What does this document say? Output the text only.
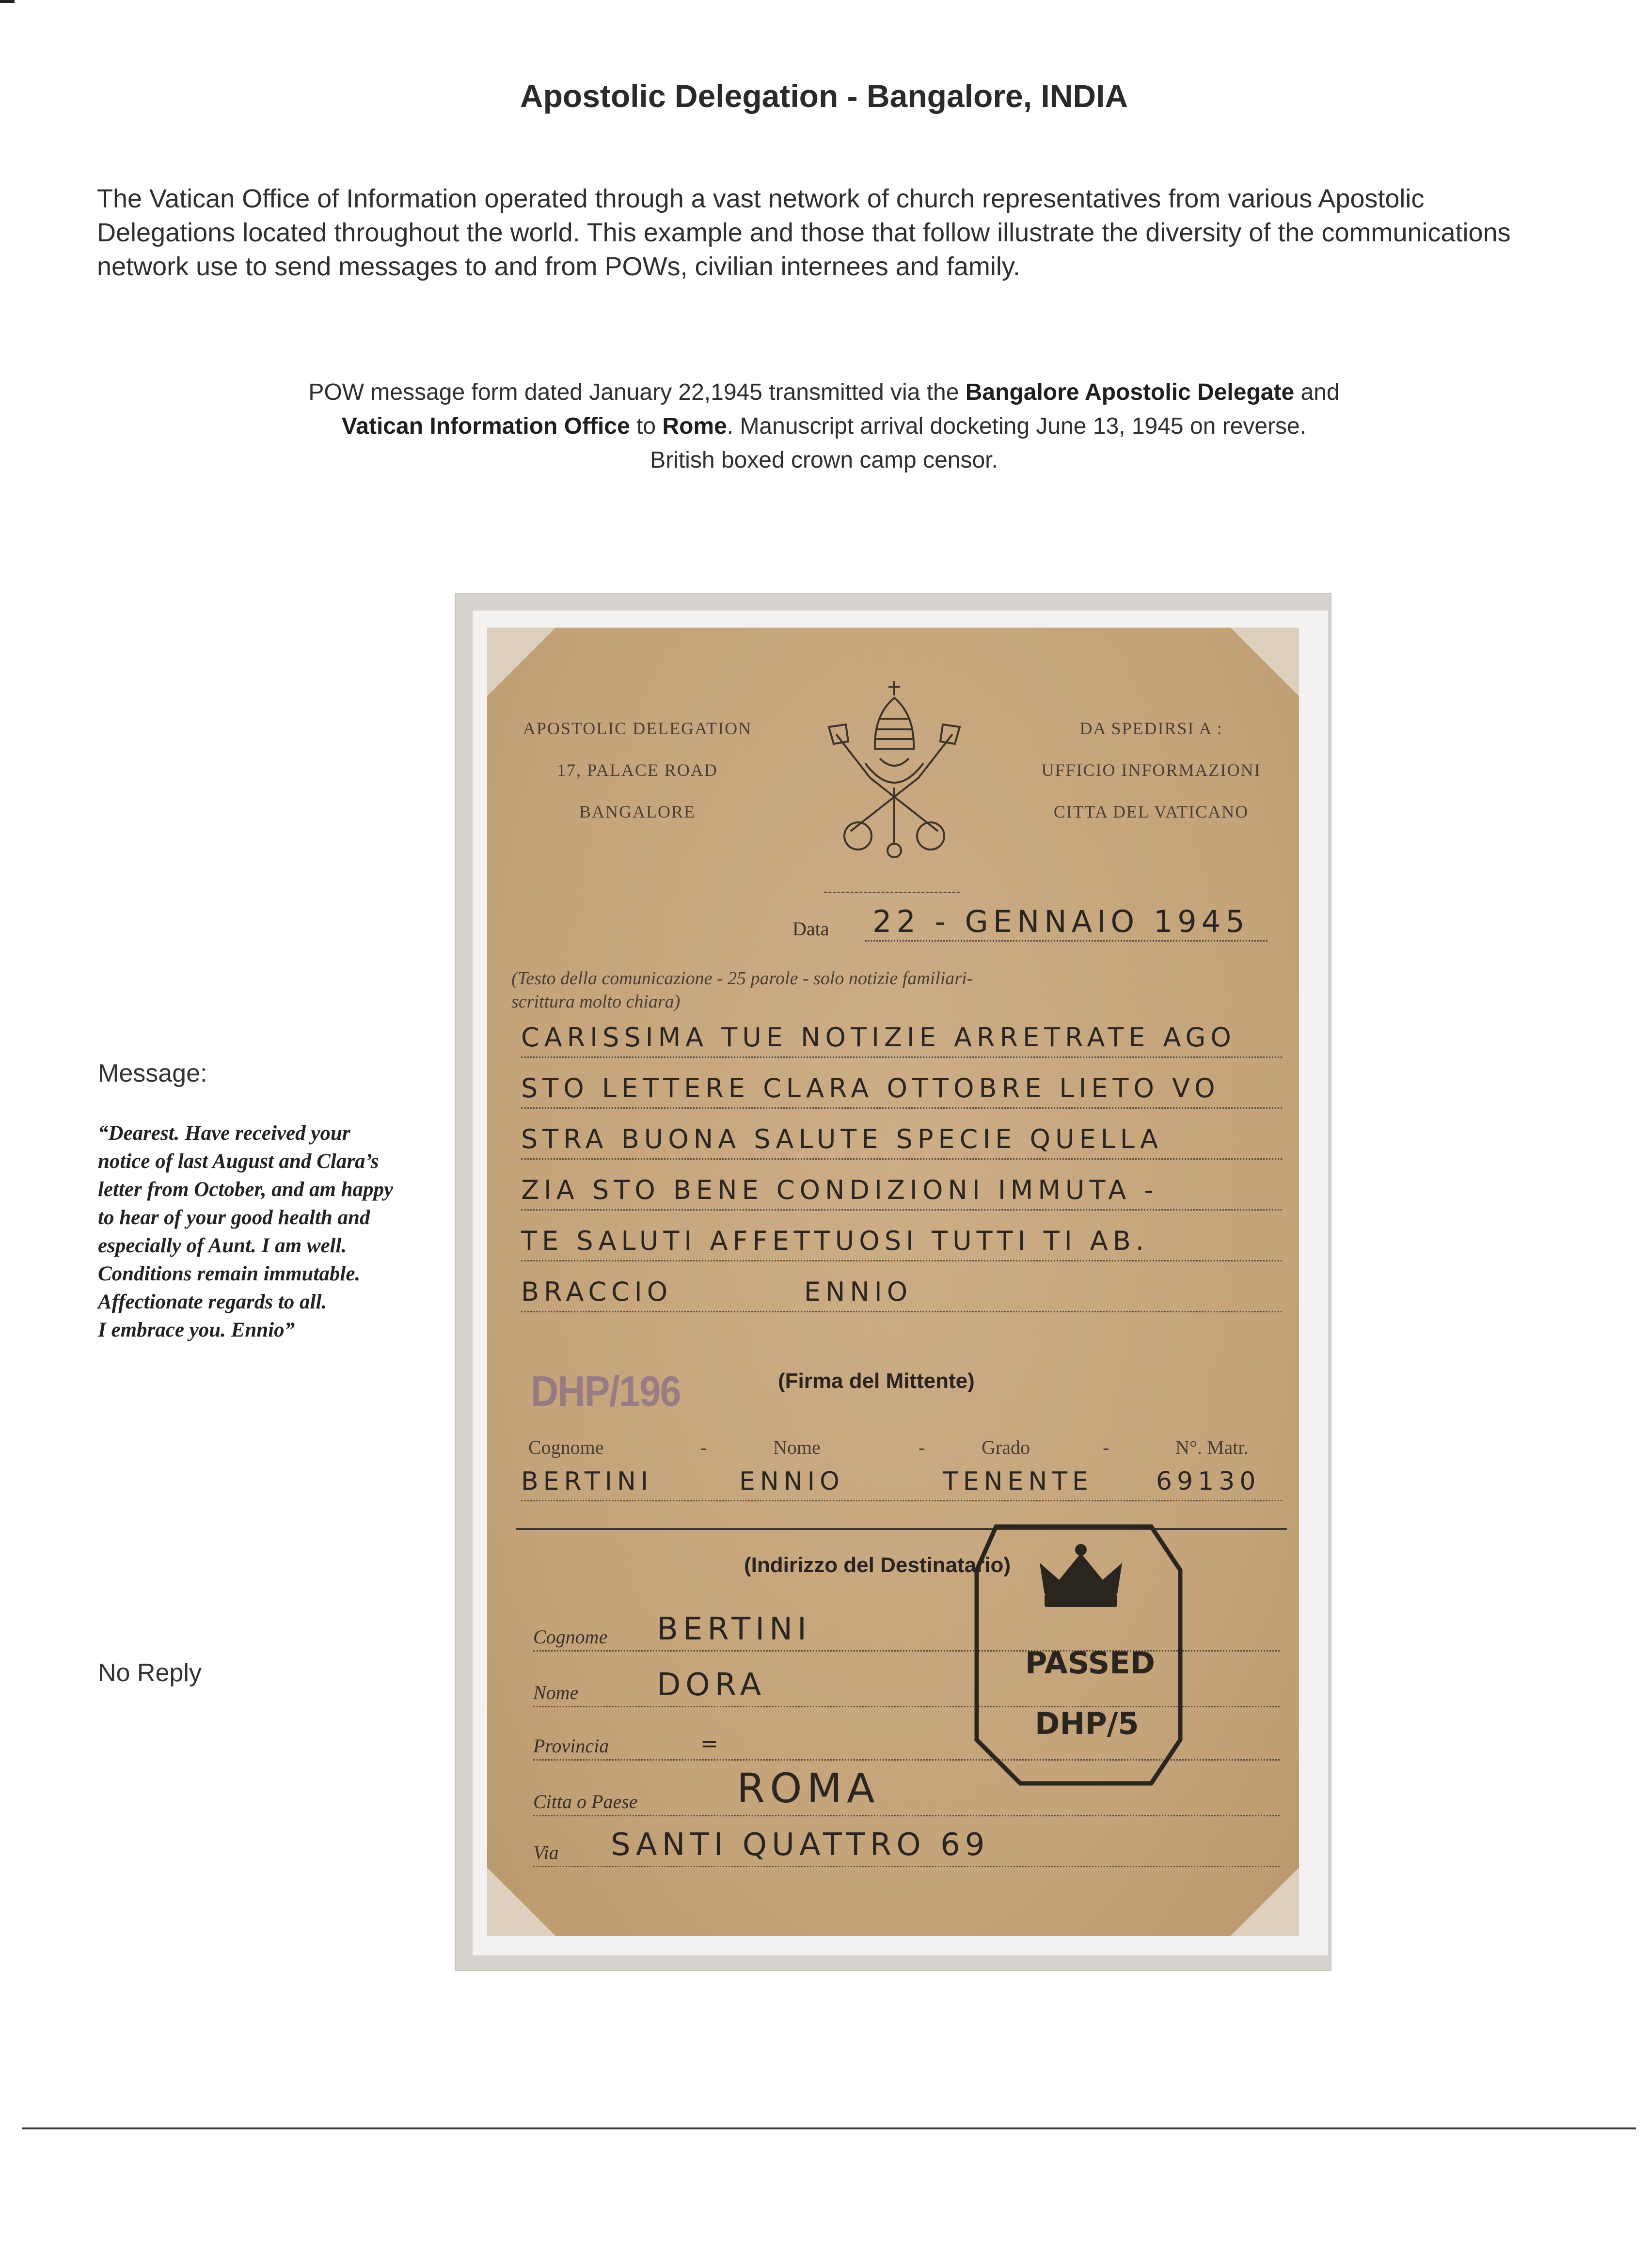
Apostolic Delegation - Bangalore, INDIA
The Vatican Office of Information operated through a vast network of church representatives from various Apostolic Delegations located throughout the world. This example and those that follow illustrate the diversity of the communications network use to send messages to and from POWs, civilian internees and family.
POW message form dated January 22,1945 transmitted via the Bangalore Apostolic Delegate and
Vatican Information Office to Rome. Manuscript arrival docketing June 13, 1945 on reverse.
British boxed crown camp censor.
Message:
“Dearest. Have received your
notice of last August and Clara’s
letter from October, and am happy
to hear of your good health and
especially of Aunt. I am well.
Conditions remain immutable.
Affectionate regards to all.
I embrace you. Ennio”
No Reply
APOSTOLIC DELEGATION
17, PALACE ROAD
BANGALORE
DA SPEDIRSI A :
UFFICIO INFORMAZIONI
CITTA DEL VATICANO
Data 22 - GENNAIO 1945
(Testo della comunicazione - 25 parole - solo notizie familiari-
scrittura molto chiara)
CARISSIMA TUE NOTIZIE ARRETRATE AGO
STO LETTERE CLARA OTTOBRE LIETO VO
STRA BUONA SALUTE SPECIE QUELLA
ZIA STO BENE CONDIZIONI IMMUTA -
TE SALUTI AFFETTUOSI TUTTI TI AB.
BRACCIO          ENNIO
DHP/196	(Firma del Mittente)
Cognome	-	Nome	-	Grado	-	N°. Matr.
BERTINI	ENNIO	TENENTE	69130
(Indirizzo del Destinatario)
Cognome BERTINI
Nome	DORA
Provincia	=
Citta o Paese ROMA
Via SANTI QUATTRO 69
PASSED
DHP/5
